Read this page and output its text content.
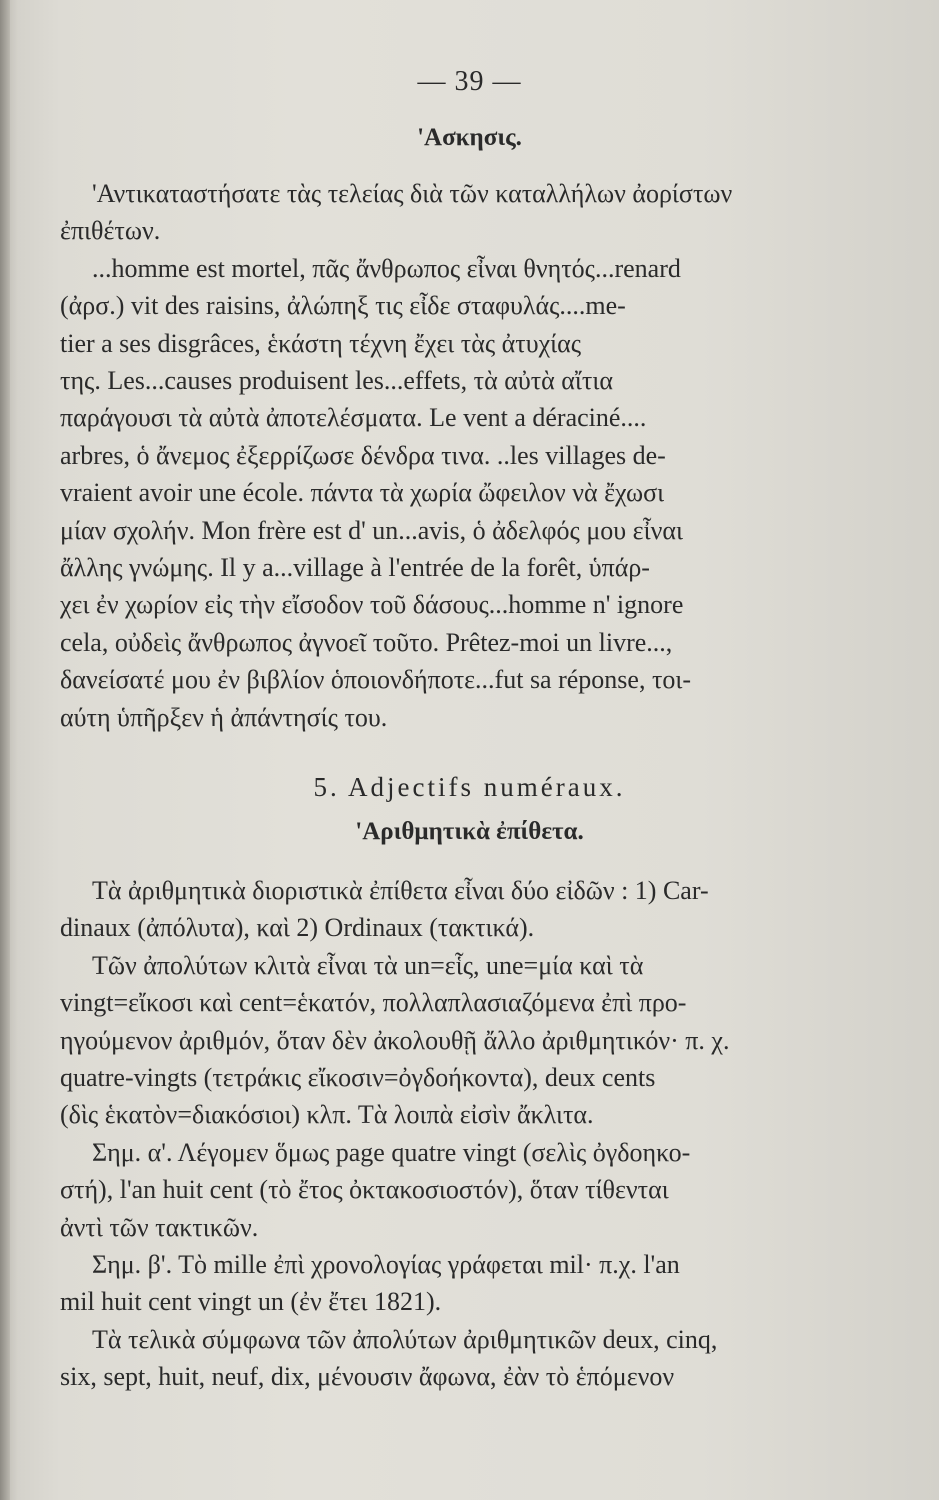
— 39 —
'Ασκησις.

'Αντικαταστήσατε τὰς τελείας διὰ τῶν καταλλήλων ἀορίστων
ἐπιθέτων.
...homme est mortel, πᾶς ἄνθρωπος εἶναι θνητός...renard
(ἀρσ.) vit des raisins, ἀλώπηξ τις εἶδε σταφυλάς....me-
tier a ses disgrâces, ἑκάστη τέχνη ἔχει τὰς ἀτυχίας
της. Les...causes produisent les...effets, τὰ αὐτὰ αἴτια
παράγουσι τὰ αὐτὰ ἀποτελέσματα. Le vent a déraciné....
arbres, ὁ ἄνεμος ἐξερρίζωσε δένδρα τινα. ..les villages de-
vraient avoir une école. πάντα τὰ χωρία ὤφειλον νὰ ἔχωσι
μίαν σχολήν. Mon frère est d' un...avis, ὁ ἀδελφός μου εἶναι
ἄλλης γνώμης. Il y a...village à l'entrée de la forêt, ὑπάρ-
χει ἐν χωρίον εἰς τὴν εἴσοδον τοῦ δάσους...homme n' ignore
cela, οὐδεὶς ἄνθρωπος ἀγνοεῖ τοῦτο. Prêtez-moi un livre...,
δανείσατέ μου ἐν βιβλίον ὁποιονδήποτε...fut sa réponse, τοι-
αύτη ὑπῆρξεν ἡ ἀπάντησίς του.

5. Adjectifs numéraux.
'Αριθμητικὰ ἐπίθετα.

Τὰ ἀριθμητικὰ διοριστικὰ ἐπίθετα εἶναι δύο εἰδῶν : 1) Car-
dinaux (ἀπόλυτα), καὶ 2) Ordinaux (τακτικά).
Τῶν ἀπολύτων κλιτὰ εἶναι τὰ un=εἷς, une=μία καὶ τὰ
vingt=εἴκοσι καὶ cent=ἑκατόν, πολλαπλασιαζόμενα ἐπὶ προ-
ηγούμενον ἀριθμόν, ὅταν δὲν ἀκολουθῇ ἄλλο ἀριθμητικόν· π. χ.
quatre-vingts (τετράκις εἴκοσιν=ὀγδοήκοντα), deux cents
(δὶς ἑκατὸν=διακόσιοι) κλπ. Τὰ λοιπὰ εἰσὶν ἄκλιτα.
Σημ. α'. Λέγομεν ὅμως page quatre vingt (σελὶς ὀγδοηκο-
στή), l'an huit cent (τὸ ἔτος ὀκτακοσιοστόν), ὅταν τίθενται
ἀντὶ τῶν τακτικῶν.
Σημ. β'. Τὸ mille ἐπὶ χρονολογίας γράφεται mil· π.χ. l'an
mil huit cent vingt un (ἐν ἔτει 1821).
Τὰ τελικὰ σύμφωνα τῶν ἀπολύτων ἀριθμητικῶν deux, cinq,
six, sept, huit, neuf, dix, μένουσιν ἄφωνα, ἐὰν τὸ ἑπόμενον
